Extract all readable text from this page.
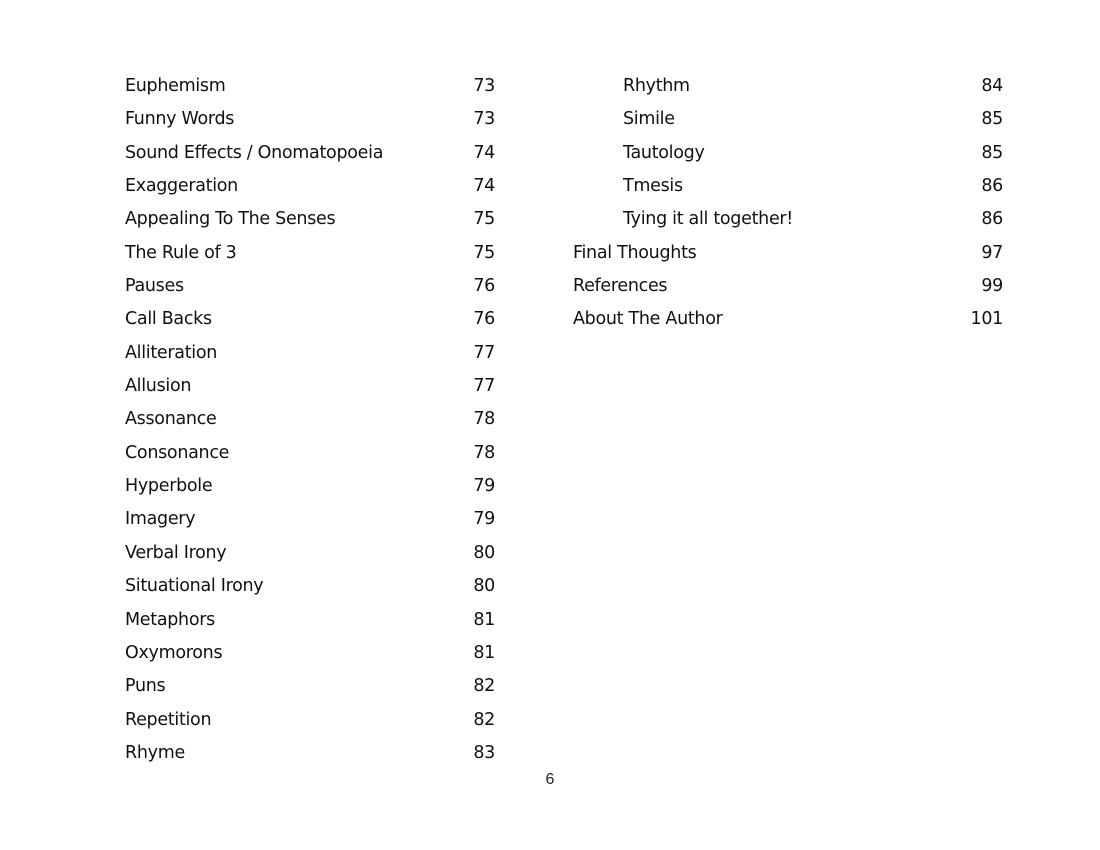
Euphemism	73
Funny Words	73
Sound Effects / Onomatopoeia	74
Exaggeration	74
Appealing To The Senses	75
The Rule of 3	75
Pauses	76
Call Backs	76
Alliteration	77
Allusion	77
Assonance	78
Consonance	78
Hyperbole	79
Imagery	79
Verbal Irony	80
Situational Irony	80
Metaphors	81
Oxymorons	81
Puns	82
Repetition	82
Rhyme	83
Rhythm	84
Simile	85
Tautology	85
Tmesis	86
Tying it all together!	86
Final Thoughts	97
References	99
About The Author	101
6
